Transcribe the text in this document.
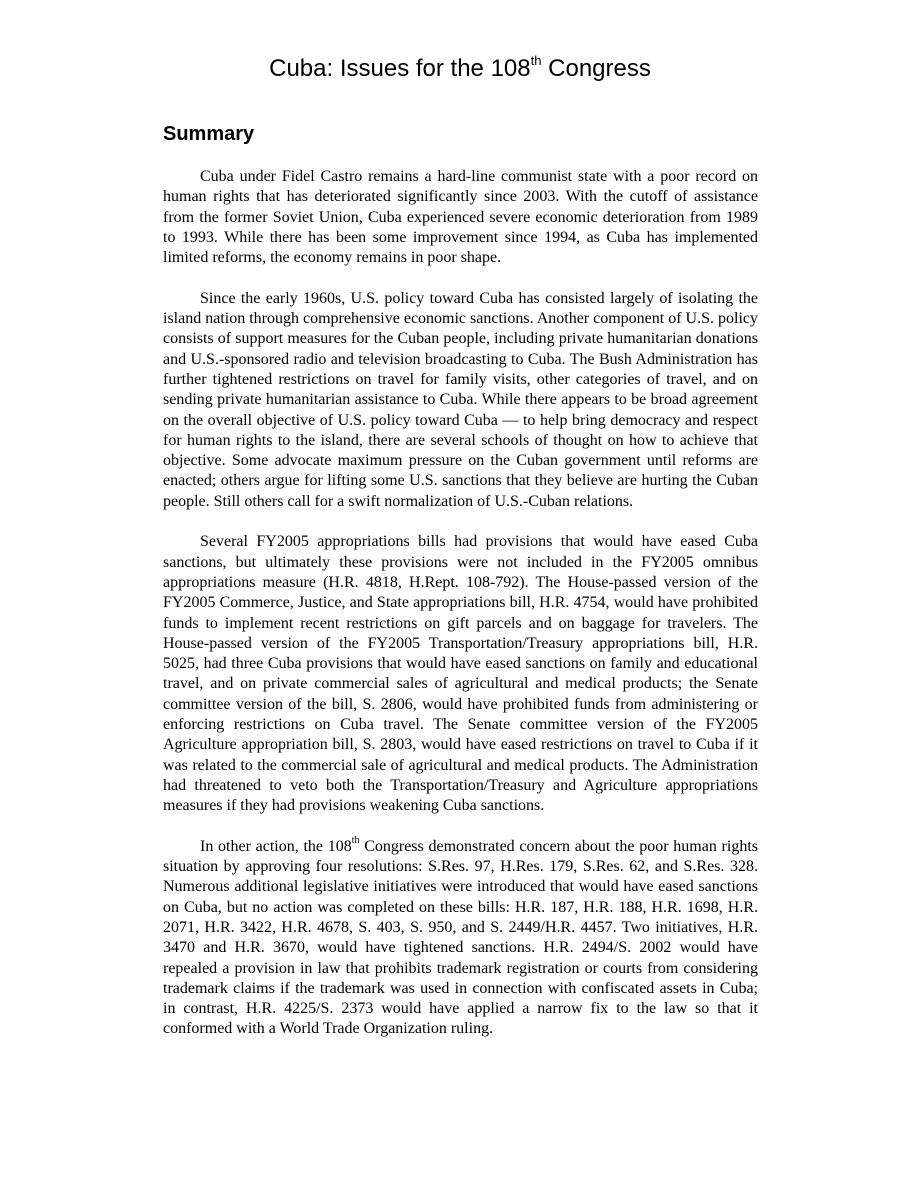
Cuba: Issues for the 108th Congress
Summary

Cuba under Fidel Castro remains a hard-line communist state with a poor record on human rights that has deteriorated significantly since 2003. With the cutoff of assistance from the former Soviet Union, Cuba experienced severe economic deterioration from 1989 to 1993. While there has been some improvement since 1994, as Cuba has implemented limited reforms, the economy remains in poor shape.

Since the early 1960s, U.S. policy toward Cuba has consisted largely of isolating the island nation through comprehensive economic sanctions. Another component of U.S. policy consists of support measures for the Cuban people, including private humanitarian donations and U.S.-sponsored radio and television broadcasting to Cuba. The Bush Administration has further tightened restrictions on travel for family visits, other categories of travel, and on sending private humanitarian assistance to Cuba. While there appears to be broad agreement on the overall objective of U.S. policy toward Cuba — to help bring democracy and respect for human rights to the island, there are several schools of thought on how to achieve that objective. Some advocate maximum pressure on the Cuban government until reforms are enacted; others argue for lifting some U.S. sanctions that they believe are hurting the Cuban people. Still others call for a swift normalization of U.S.-Cuban relations.

Several FY2005 appropriations bills had provisions that would have eased Cuba sanctions, but ultimately these provisions were not included in the FY2005 omnibus appropriations measure (H.R. 4818, H.Rept. 108-792). The House-passed version of the FY2005 Commerce, Justice, and State appropriations bill, H.R. 4754, would have prohibited funds to implement recent restrictions on gift parcels and on baggage for travelers. The House-passed version of the FY2005 Transportation/Treasury appropriations bill, H.R. 5025, had three Cuba provisions that would have eased sanctions on family and educational travel, and on private commercial sales of agricultural and medical products; the Senate committee version of the bill, S. 2806, would have prohibited funds from administering or enforcing restrictions on Cuba travel. The Senate committee version of the FY2005 Agriculture appropriation bill, S. 2803, would have eased restrictions on travel to Cuba if it was related to the commercial sale of agricultural and medical products. The Administration had threatened to veto both the Transportation/Treasury and Agriculture appropriations measures if they had provisions weakening Cuba sanctions.

In other action, the 108th Congress demonstrated concern about the poor human rights situation by approving four resolutions: S.Res. 97, H.Res. 179, S.Res. 62, and S.Res. 328. Numerous additional legislative initiatives were introduced that would have eased sanctions on Cuba, but no action was completed on these bills: H.R. 187, H.R. 188, H.R. 1698, H.R. 2071, H.R. 3422, H.R. 4678, S. 403, S. 950, and S. 2449/H.R. 4457. Two initiatives, H.R. 3470 and H.R. 3670, would have tightened sanctions. H.R. 2494/S. 2002 would have repealed a provision in law that prohibits trademark registration or courts from considering trademark claims if the trademark was used in connection with confiscated assets in Cuba; in contrast, H.R. 4225/S. 2373 would have applied a narrow fix to the law so that it conformed with a World Trade Organization ruling.
